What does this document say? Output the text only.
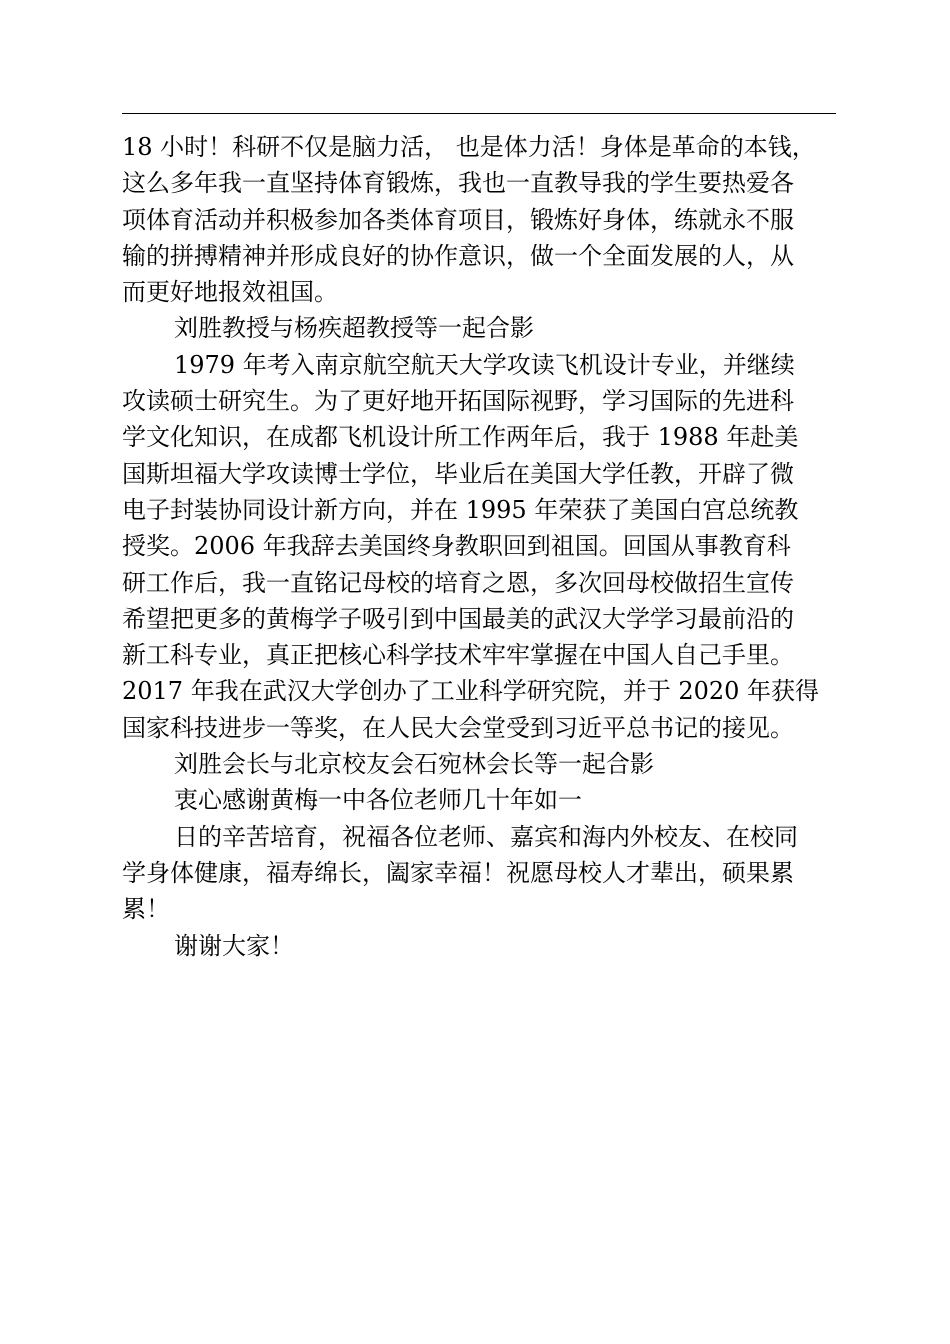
18 小时！科研不仅是脑力活， 也是体力活！身体是革命的本钱，
这么多年我一直坚持体育锻炼，我也一直教导我的学生要热爱各
项体育活动并积极参加各类体育项目，锻炼好身体，练就永不服
输的拼搏精神并形成良好的协作意识，做一个全面发展的人，从
而更好地报效祖国。
刘胜教授与杨疾超教授等一起合影
1979 年考入南京航空航天大学攻读飞机设计专业，并继续
攻读硕士研究生。为了更好地开拓国际视野，学习国际的先进科
学文化知识，在成都飞机设计所工作两年后，我于 1988 年赴美
国斯坦福大学攻读博士学位，毕业后在美国大学任教，开辟了微
电子封装协同设计新方向，并在 1995 年荣获了美国白宫总统教
授奖。2006 年我辞去美国终身教职回到祖国。回国从事教育科
研工作后，我一直铭记母校的培育之恩，多次回母校做招生宣传
希望把更多的黄梅学子吸引到中国最美的武汉大学学习最前沿的
新工科专业，真正把核心科学技术牢牢掌握在中国人自己手里。
2017 年我在武汉大学创办了工业科学研究院，并于 2020 年获得
国家科技进步一等奖，在人民大会堂受到习近平总书记的接见。
刘胜会长与北京校友会石宛林会长等一起合影
衷心感谢黄梅一中各位老师几十年如一
日的辛苦培育，祝福各位老师、嘉宾和海内外校友、在校同
学身体健康，福寿绵长，阖家幸福！祝愿母校人才辈出，硕果累
累！
谢谢大家！
